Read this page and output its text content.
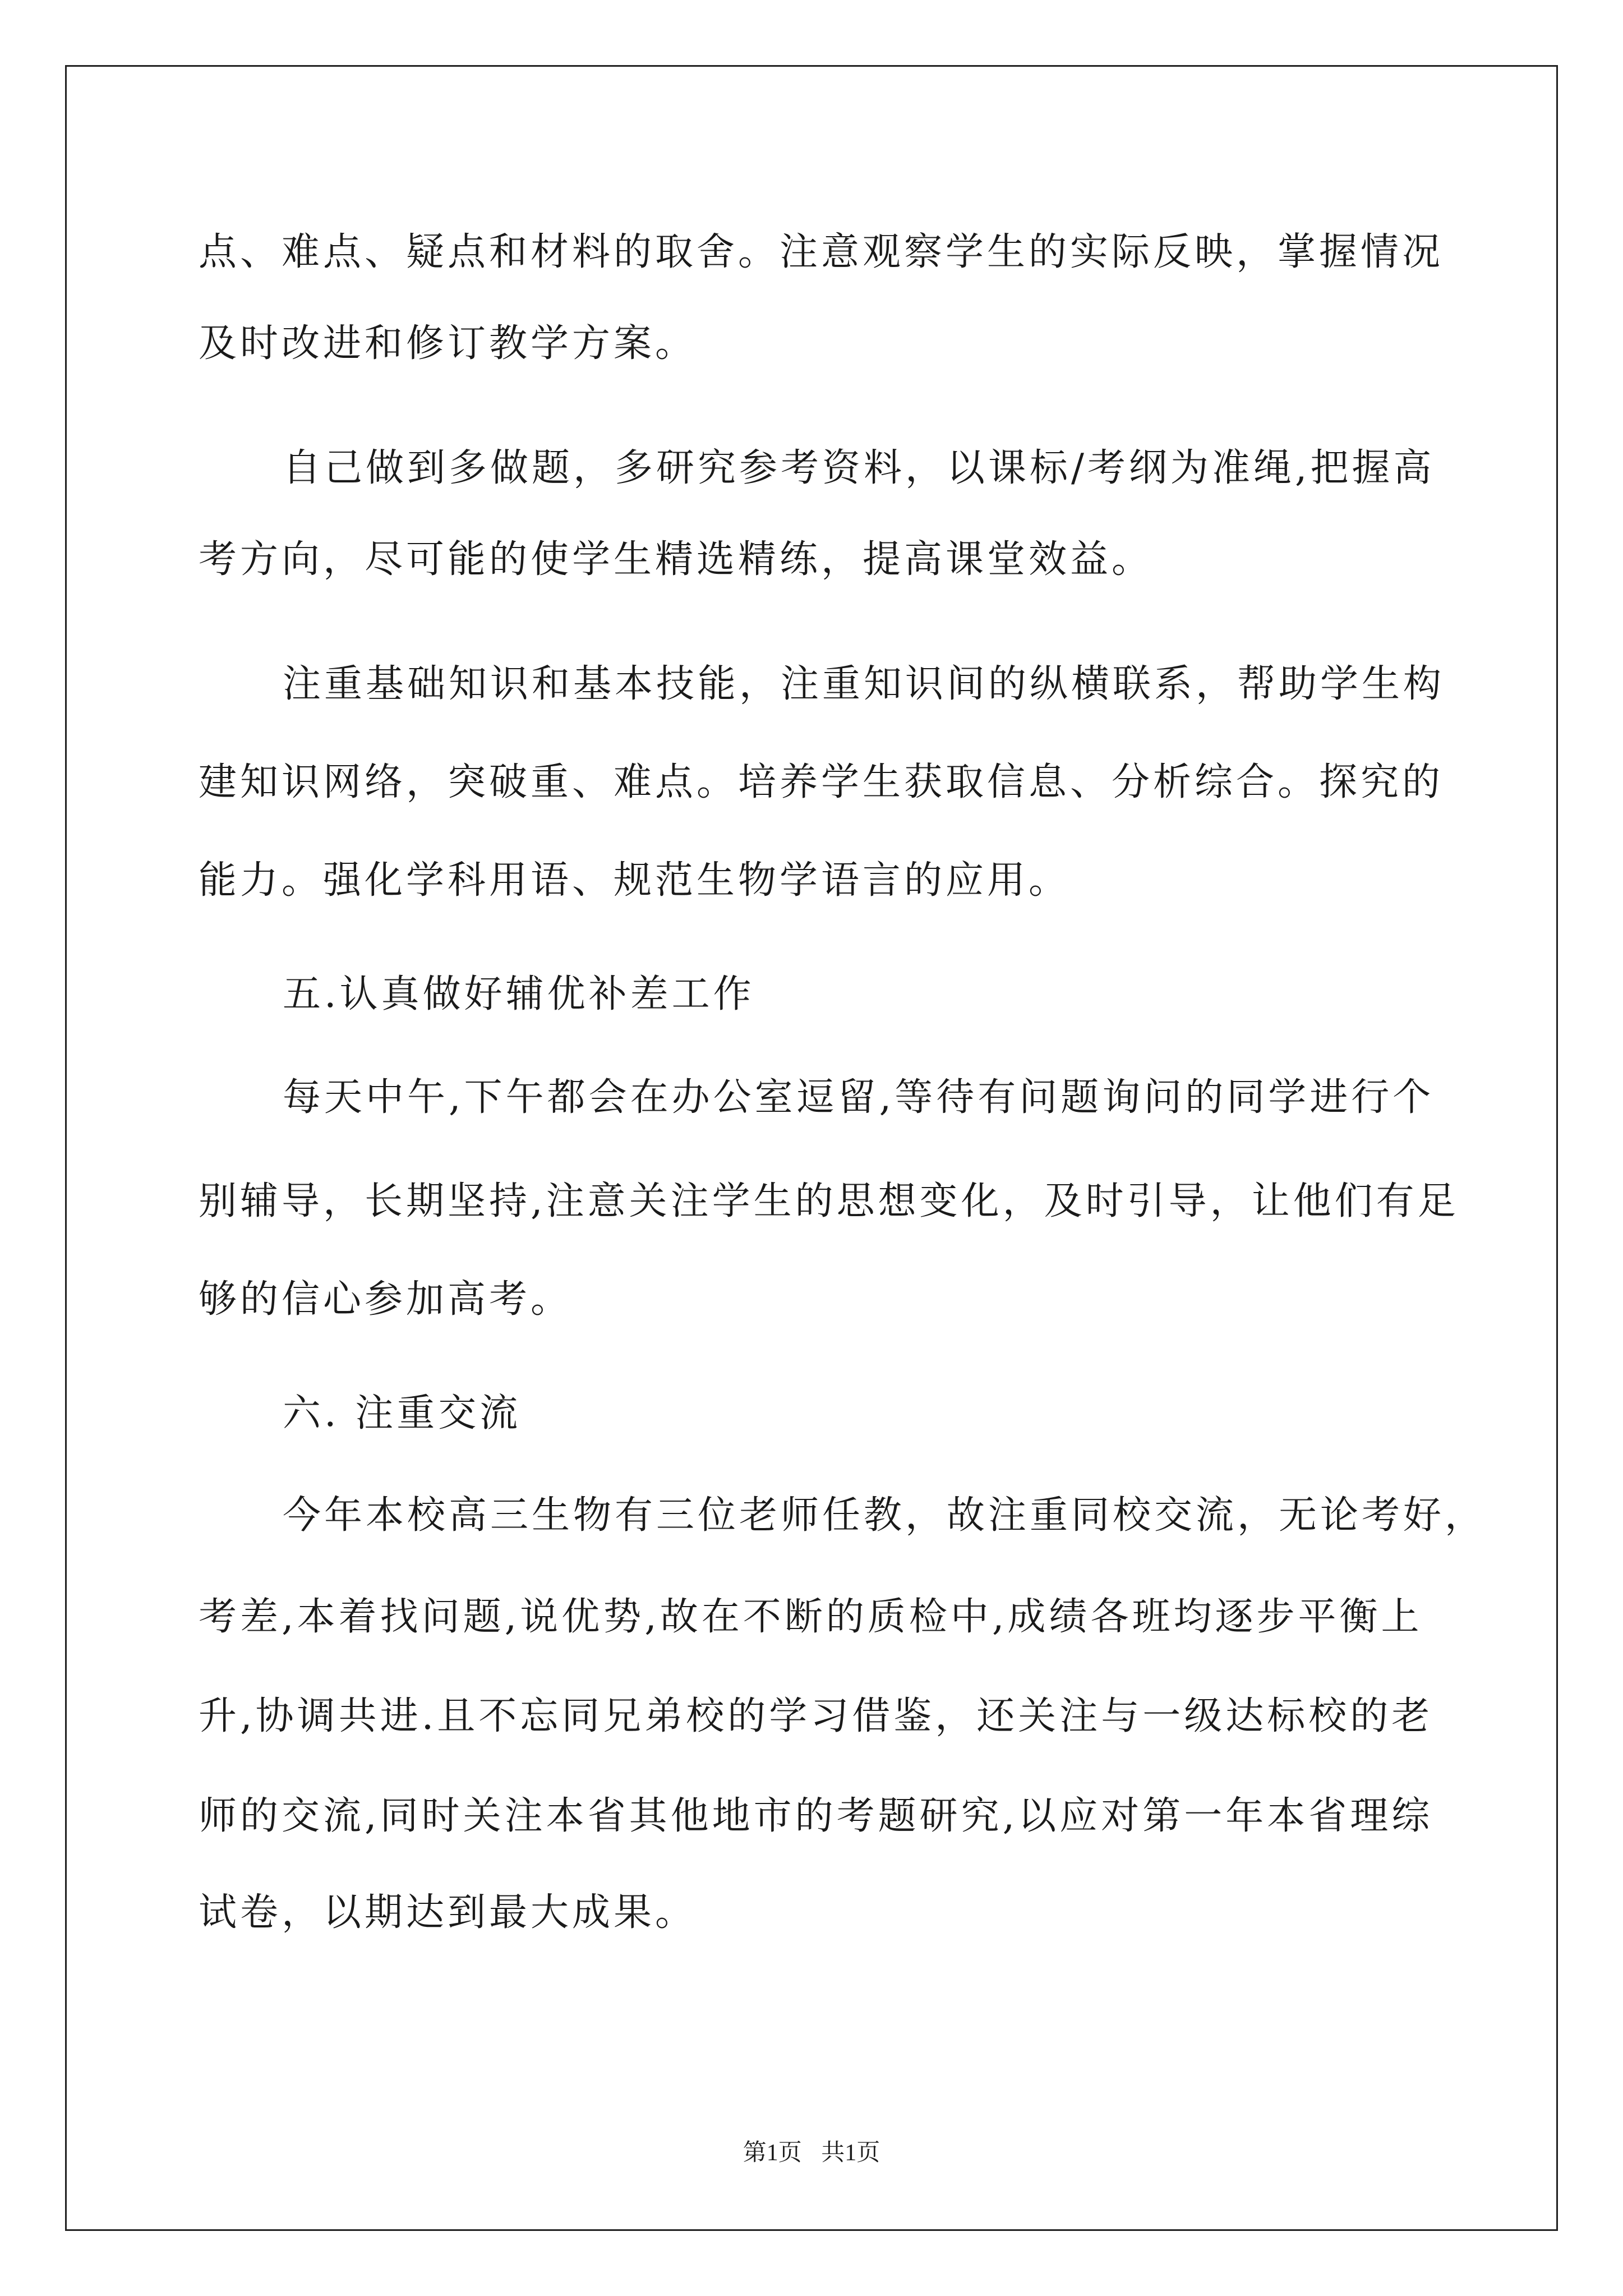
点、难点、疑点和材料的取舍。注意观察学生的实际反映，掌握情况
及时改进和修订教学方案。
自己做到多做题，多研究参考资料，以课标/考纲为准绳,把握高
考方向，尽可能的使学生精选精练，提高课堂效益。
注重基础知识和基本技能，注重知识间的纵横联系，帮助学生构
建知识网络，突破重、难点。培养学生获取信息、分析综合。探究的
能力。强化学科用语、规范生物学语言的应用。
五.认真做好辅优补差工作
每天中午,下午都会在办公室逗留,等待有问题询问的同学进行个
别辅导，长期坚持,注意关注学生的思想变化，及时引导，让他们有足
够的信心参加高考。
六. 注重交流
今年本校高三生物有三位老师任教，故注重同校交流，无论考好，
考差,本着找问题,说优势,故在不断的质检中,成绩各班均逐步平衡上
升,协调共进.且不忘同兄弟校的学习借鉴，还关注与一级达标校的老
师的交流,同时关注本省其他地市的考题研究,以应对第一年本省理综
试卷，以期达到最大成果。
第1页 共1页
